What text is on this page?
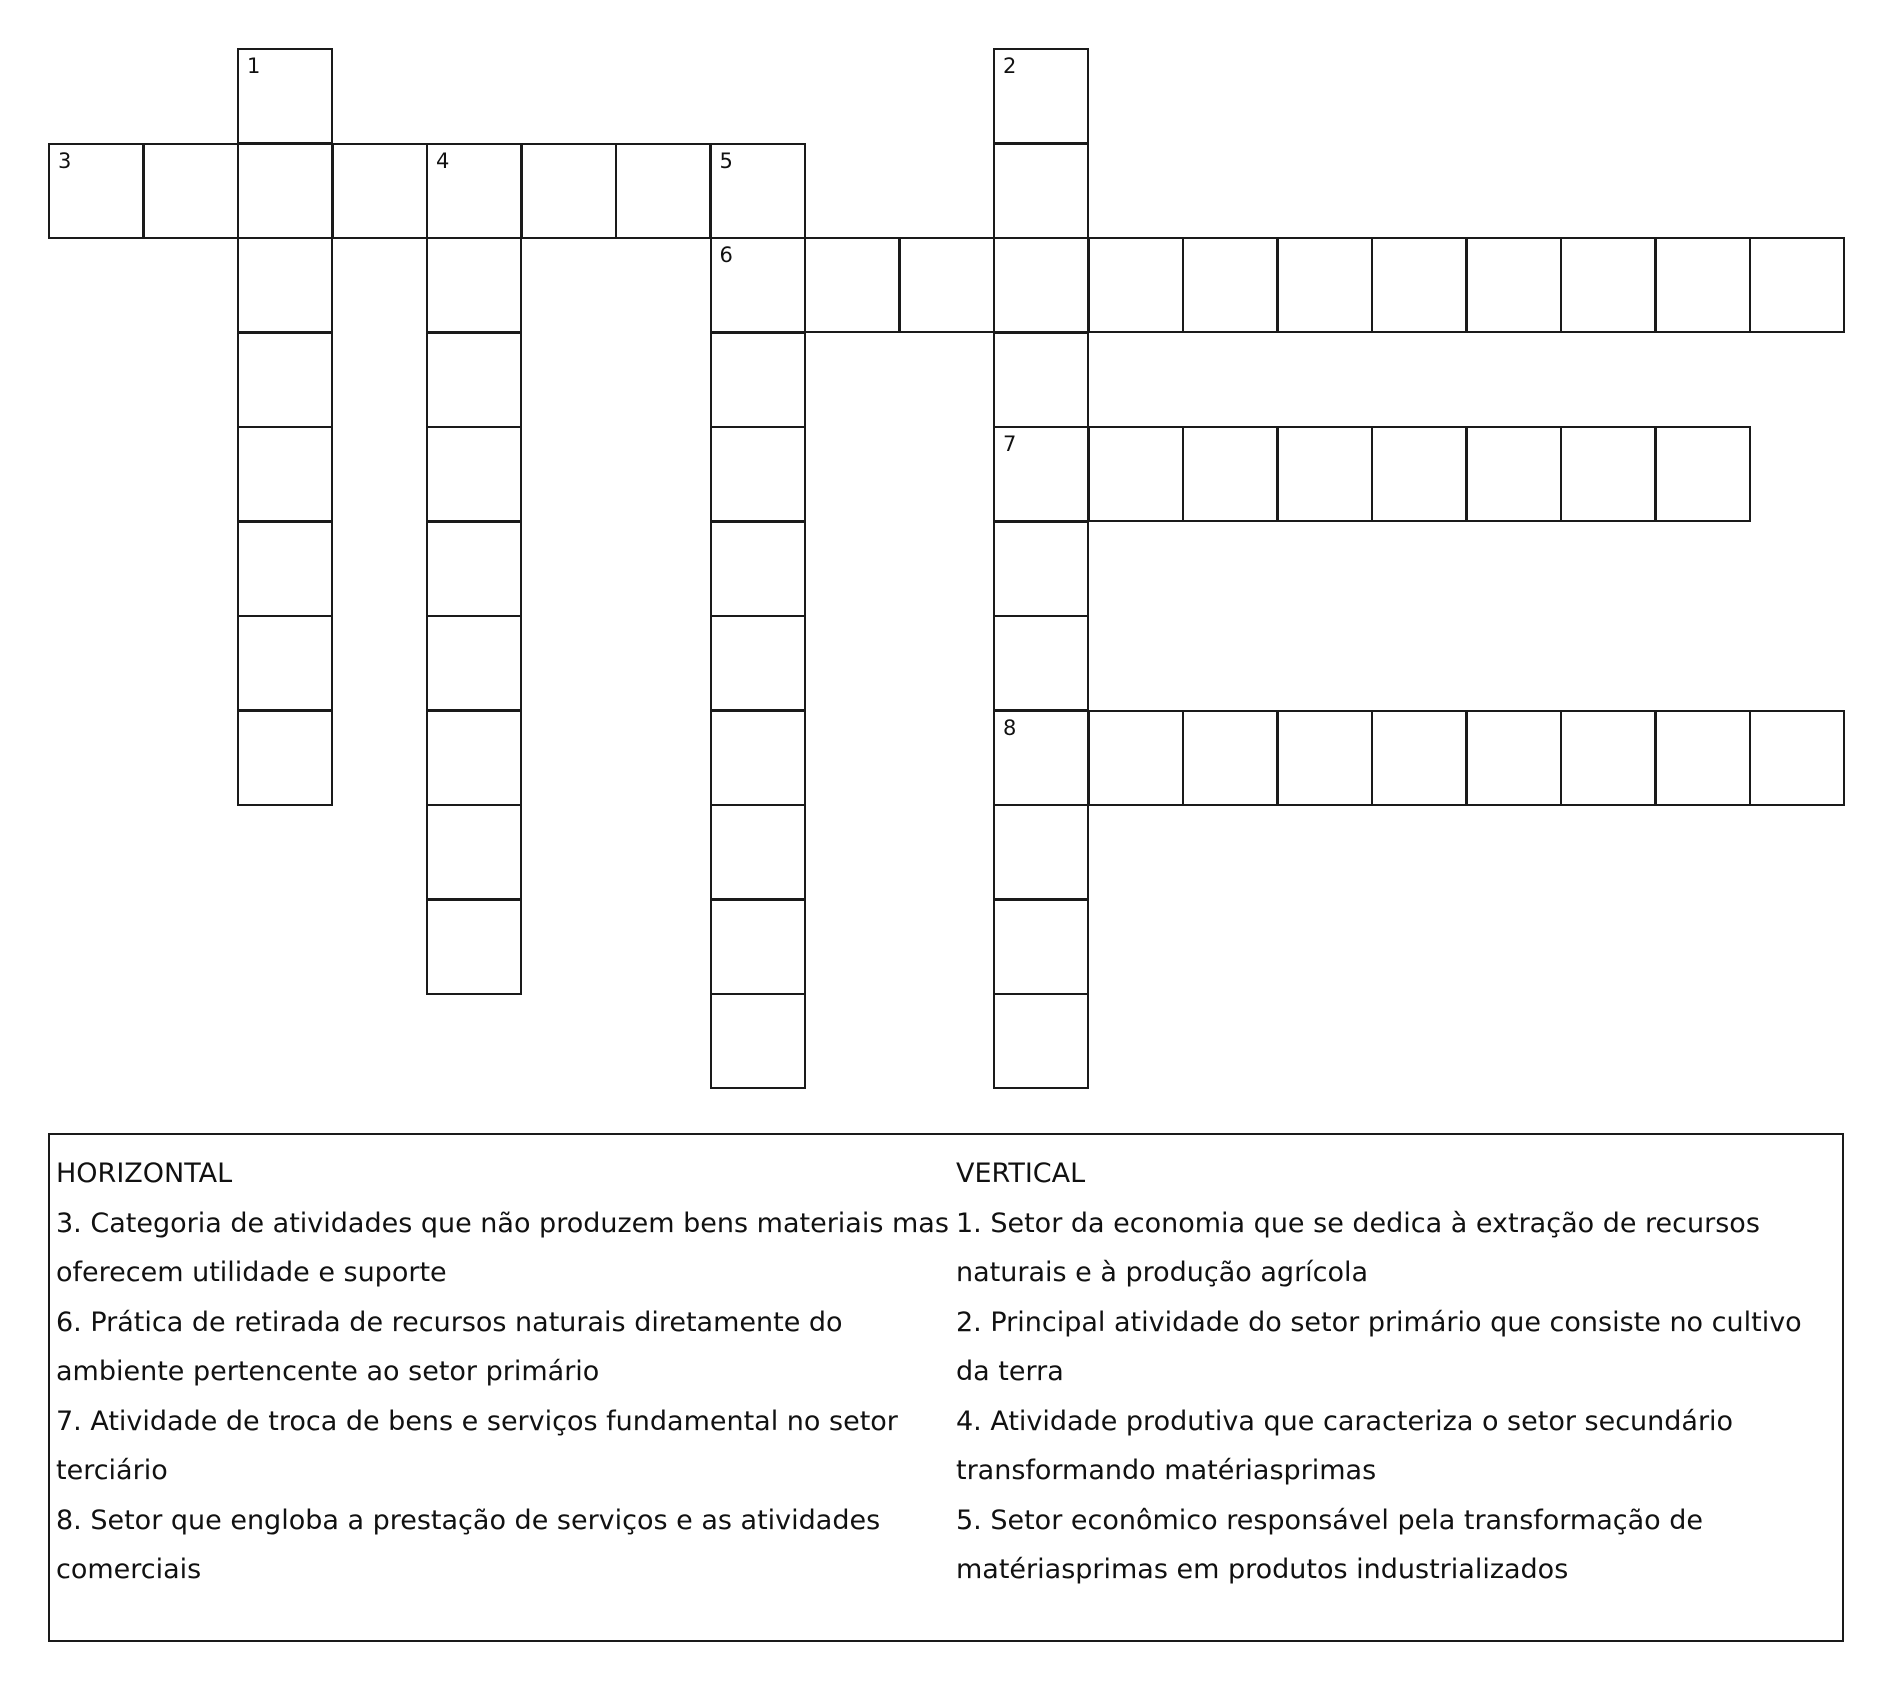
1	2
7
8
3	4	5
6
HORIZONTAL
3. Categoria de atividades que não produzem bens materiais mas oferecem utilidade e suporte
6. Prática de retirada de recursos naturais diretamente do ambiente pertencente ao setor primário
7. Atividade de troca de bens e serviços fundamental no setor terciário
8. Setor que engloba a prestação de serviços e as atividades comerciais
VERTICAL
1. Setor da economia que se dedica à extração de recursos naturais e à produção agrícola
2. Principal atividade do setor primário que consiste no cultivo da terra
4. Atividade produtiva que caracteriza o setor secundário transformando matériasprimas
5. Setor econômico responsável pela transformação de matériasprimas em produtos industrializados
